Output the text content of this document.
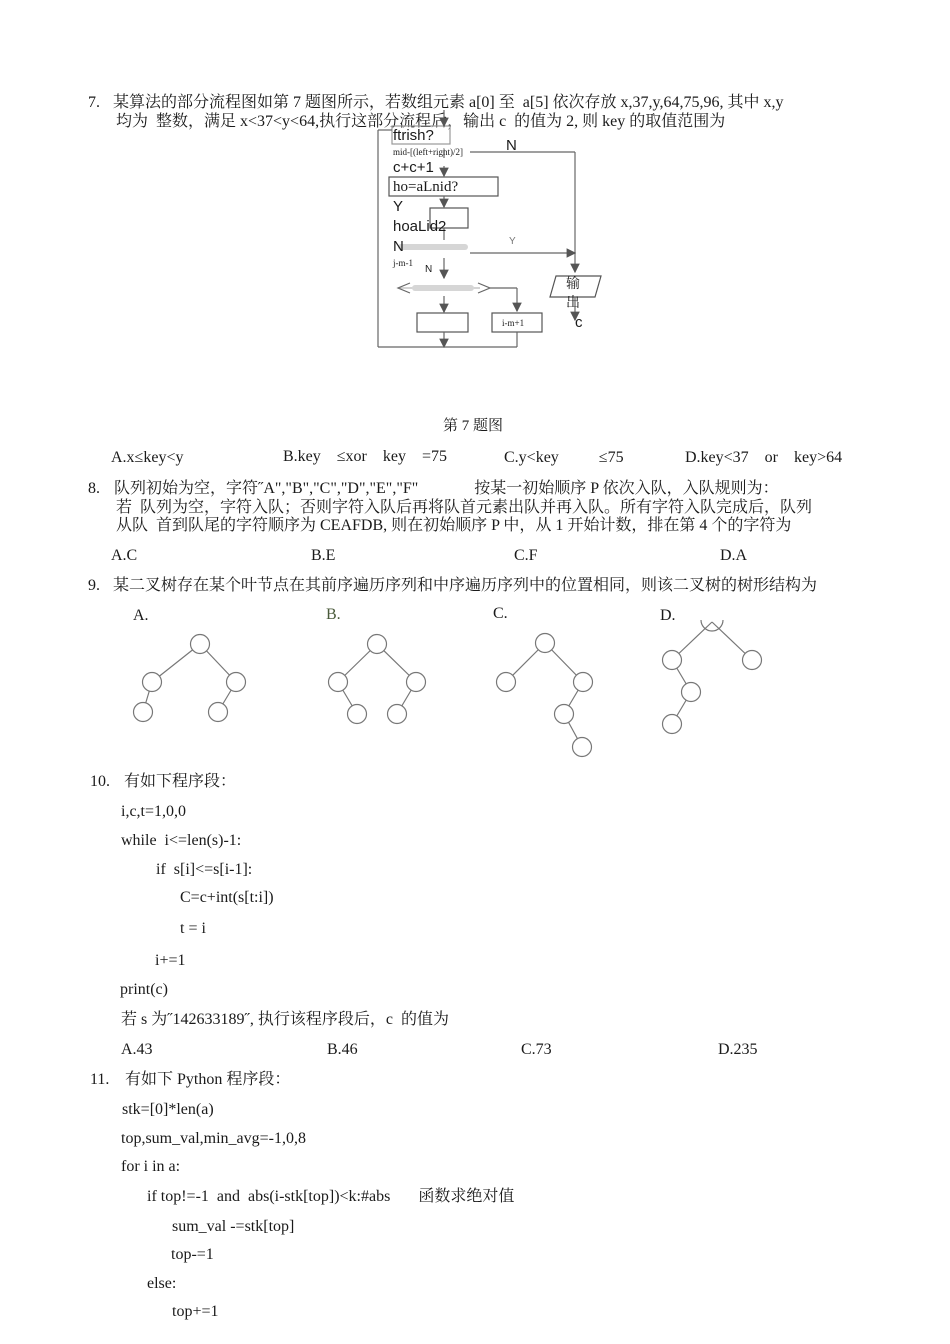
7. 某算法的部分流程图如第 7 题图所示，若数组元素 a[0] 至  a[5] 依次存放 x,37,y,64,75,96, 其中 x,y
均为  整数，满足 x<37<y<64,执行这部分流程后，输出 c  的值为 2, 则 key 的取值范围为
ftrish?
mid-[(left+right)/2]	N
c+c+1
ho=aLnid?
Y
hoaLid2
N
j-m-1
N
Y
输
出
c
i-m+1
第 7 题图
A.x≤key<y	B.key    ≤xor    key    =75	C.y<key          ≤75	D.key<37    or    key>64
8. 队列初始为空，字符˝A","B","C","D","E","F"              按某一初始顺序 P 依次入队，入队规则为：
若  队列为空，字符入队；否则字符入队后再将队首元素出队并再入队。所有字符入队完成后，队列
从队  首到队尾的字符顺序为 CEAFDB, 则在初始顺序 P 中，从 1 开始计数，排在第 4 个的字符为
A.C	B.E	C.F	D.A
9. 某二叉树存在某个叶节点在其前序遍历序列和中序遍历序列中的位置相同，则该二叉树的树形结构为
A.	B.	C.	D.
10. 有如下程序段：
i,c,t=1,0,0
while  i<=len(s)-1:
if  s[i]<=s[i-1]:
C=c+int(s[t:i])
t = i
i+=1
print(c)
若 s 为˝142633189˝, 执行该程序段后，c  的值为
A.43	B.46	C.73	D.235
11. 有如下 Python 程序段：
stk=[0]*len(a)
top,sum_val,min_avg=-1,0,8
for i in a:
if top!=-1  and  abs(i-stk[top])<k:#abs       函数求绝对值
sum_val -=stk[top]
top-=1
else:
top+=1
